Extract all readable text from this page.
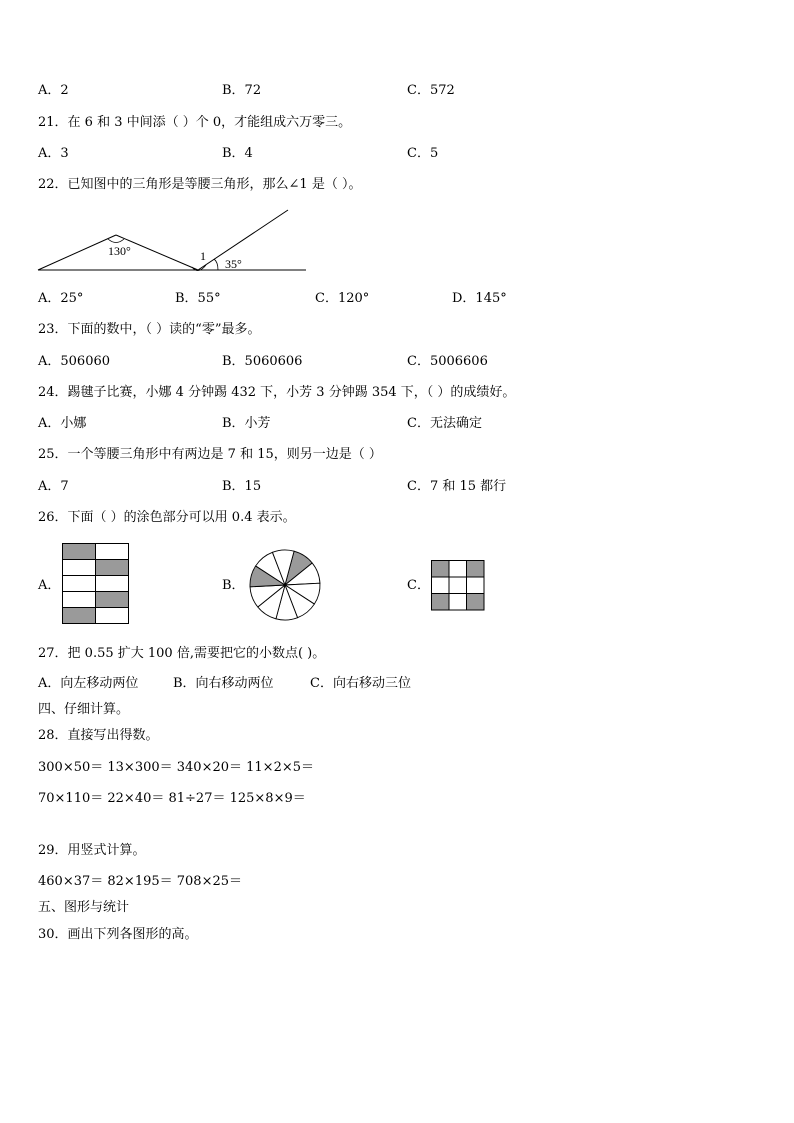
A．2	B．72	C．572
21．在 6 和 3 中间添（ ）个 0，才能组成六万零三。
A．3	B．4	C．5
22．已知图中的三角形是等腰三角形，那么∠1 是（ ）。
130°	1
35°
A．25°	B．55°	C．120°	D．145°
23．下面的数中，（ ）读的“零”最多。
A．506060	B．5060606	C．5006606
24．踢毽子比赛，小娜 4 分钟踢 432 下，小芳 3 分钟踢 354 下，（ ）的成绩好。
A．小娜	B．小芳	C．无法确定
25．一个等腰三角形中有两边是 7 和 15，则另一边是（ ）
A．7	B．15	C．7 和 15 都行
26．下面（ ）的涂色部分可以用 0.4 表示。
A．	B．	C．
27．把 0.55 扩大 100 倍,需要把它的小数点( )。
A．向左移动两位	B．向右移动两位	C．向右移动三位
四、仔细计算。
28．直接写出得数。
300×50＝ 13×300＝ 340×20＝ 11×2×5＝
70×110＝ 22×40＝ 81÷27＝ 125×8×9＝
29．用竖式计算。
460×37＝ 82×195＝ 708×25＝
五、图形与统计
30．画出下列各图形的高。
